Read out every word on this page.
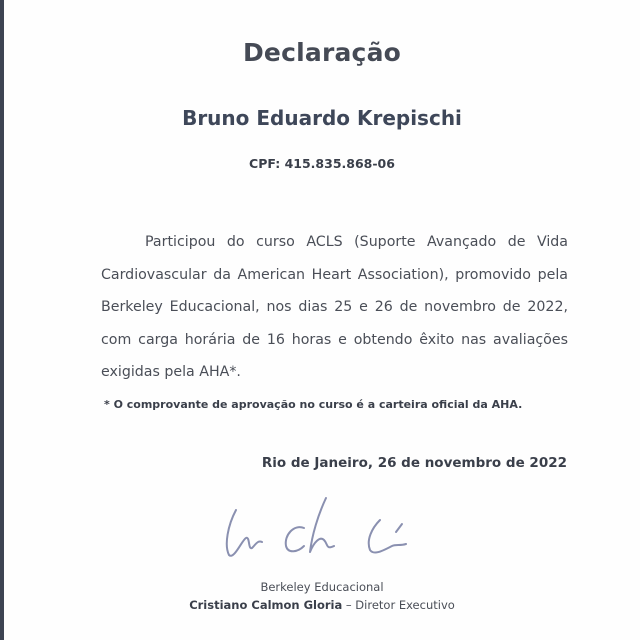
Declaração
Bruno Eduardo Krepischi
CPF: 415.835.868-06
Participou do curso ACLS (Suporte Avançado de Vida
Cardiovascular da American Heart Association), promovido pela
Berkeley Educacional, nos dias 25 e 26 de novembro de 2022,
com carga horária de 16 horas e obtendo êxito nas avaliações
exigidas pela AHA*.
* O comprovante de aprovação no curso é a carteira oficial da AHA.
Rio de Janeiro, 26 de novembro de 2022
Berkeley Educacional
Cristiano Calmon Gloria – Diretor Executivo
